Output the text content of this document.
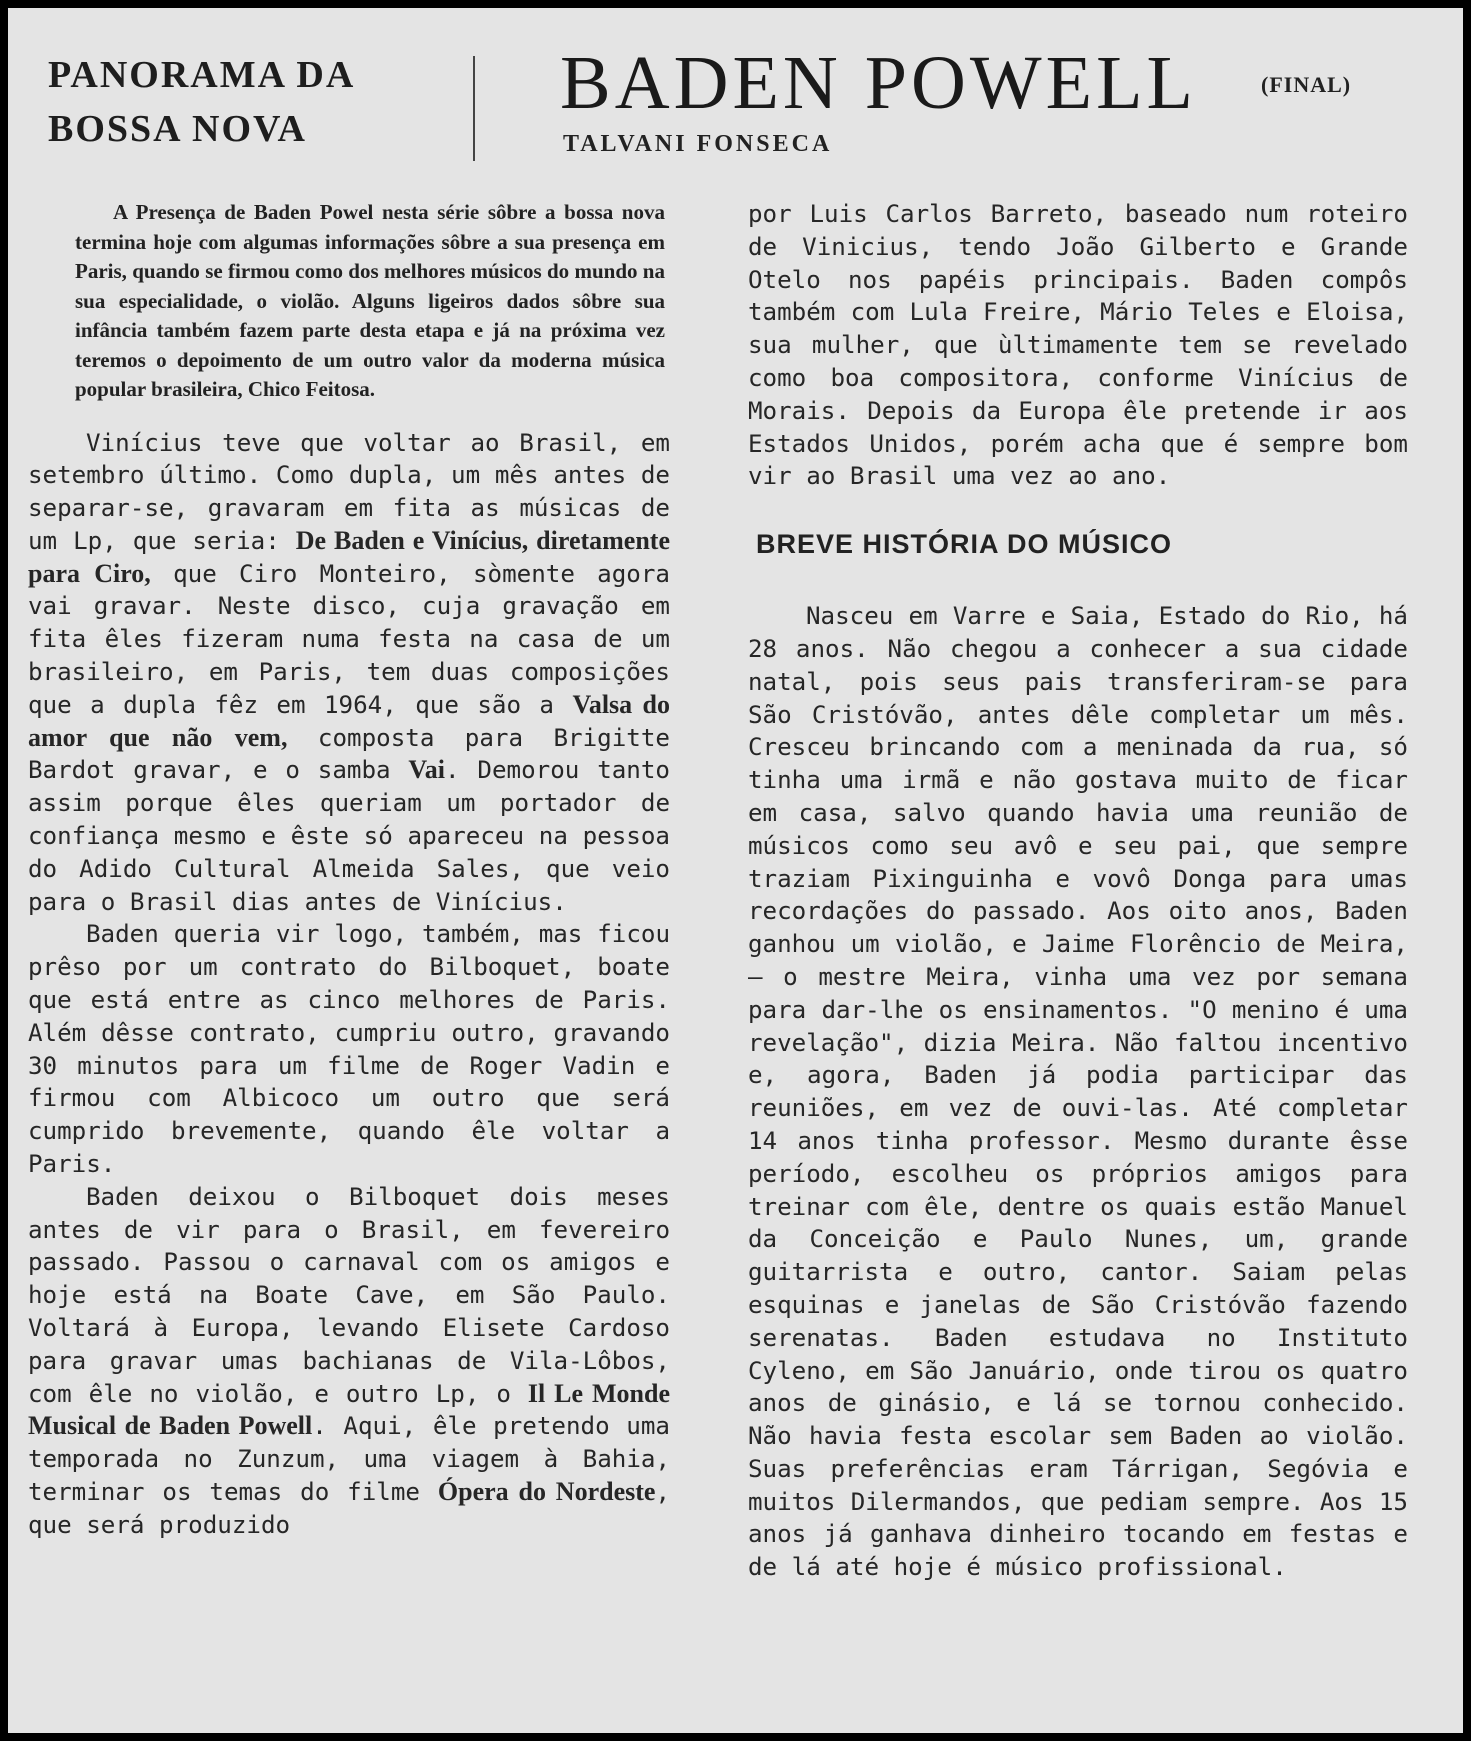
PANORAMA DA
BOSSA NOVA
BADEN POWELL	(FINAL)
TALVANI FONSECA

A Presença de Baden Powel nesta série sôbre a bossa nova termina hoje com algumas informações sôbre a sua presença em Paris, quando se firmou como dos melhores músicos do mundo na sua especialidade, o violão. Alguns ligeiros dados sôbre sua infância também fazem parte desta etapa e já na próxima vez teremos o depoimento de um outro valor da moderna música popular brasileira, Chico Feitosa.

Vinícius teve que voltar ao Brasil, em setembro último. Como dupla, um mês antes de separar-se, gravaram em fita as músicas de um Lp, que seria: De Baden e Vinícius, diretamente para Ciro, que Ciro Monteiro, sòmente agora vai gravar. Neste disco, cuja gravação em fita êles fizeram numa festa na casa de um brasileiro, em Paris, tem duas composições que a dupla fêz em 1964, que são a Valsa do amor que não vem, composta para Brigitte Bardot gravar, e o samba Vai. Demorou tanto assim porque êles queriam um portador de confiança mesmo e êste só apareceu na pessoa do Adido Cultural Almeida Sales, que veio para o Brasil dias antes de Vinícius.

Baden queria vir logo, também, mas ficou prêso por um contrato do Bilboquet, boate que está entre as cinco melhores de Paris. Além dêsse contrato, cumpriu outro, gravando 30 minutos para um filme de Roger Vadin e firmou com Albicoco um outro que será cumprido brevemente, quando êle voltar a Paris.

Baden deixou o Bilboquet dois meses antes de vir para o Brasil, em fevereiro passado. Passou o carnaval com os amigos e hoje está na Boate Cave, em São Paulo. Voltará à Europa, levando Elisete Cardoso para gravar umas bachianas de Vila-Lôbos, com êle no violão, e outro Lp, o Il Le Monde Musical de Baden Powell. Aqui, êle pretendo uma temporada no Zunzum, uma viagem à Bahia, terminar os temas do filme Ópera do Nordeste, que será produzido

por Luis Carlos Barreto, baseado num roteiro de Vinicius, tendo João Gilberto e Grande Otelo nos papéis principais. Baden compôs também com Lula Freire, Mário Teles e Eloisa, sua mulher, que ùltimamente tem se revelado como boa compositora, conforme Vinícius de Morais. Depois da Europa êle pretende ir aos Estados Unidos, porém acha que é sempre bom vir ao Brasil uma vez ao ano.

BREVE HISTÓRIA DO MÚSICO

Nasceu em Varre e Saia, Estado do Rio, há 28 anos. Não chegou a conhecer a sua cidade natal, pois seus pais transferiram-se para São Cristóvão, antes dêle completar um mês. Cresceu brincando com a meninada da rua, só tinha uma irmã e não gostava muito de ficar em casa, salvo quando havia uma reunião de músicos como seu avô e seu pai, que sempre traziam Pixinguinha e vovô Donga para umas recordações do passado. Aos oito anos, Baden ganhou um violão, e Jaime Florêncio de Meira, — o mestre Meira, vinha uma vez por semana para dar-lhe os ensinamentos. "O menino é uma revelação", dizia Meira. Não faltou incentivo e, agora, Baden já podia participar das reuniões, em vez de ouvi-las. Até completar 14 anos tinha professor. Mesmo durante êsse período, escolheu os próprios amigos para treinar com êle, dentre os quais estão Manuel da Conceição e Paulo Nunes, um, grande guitarrista e outro, cantor. Saiam pelas esquinas e janelas de São Cristóvão fazendo serenatas. Baden estudava no Instituto Cyleno, em São Januário, onde tirou os quatro anos de ginásio, e lá se tornou conhecido. Não havia festa escolar sem Baden ao violão. Suas preferências eram Tárrigan, Segóvia e muitos Dilermandos, que pediam sempre. Aos 15 anos já ganhava dinheiro tocando em festas e de lá até hoje é músico profissional.
